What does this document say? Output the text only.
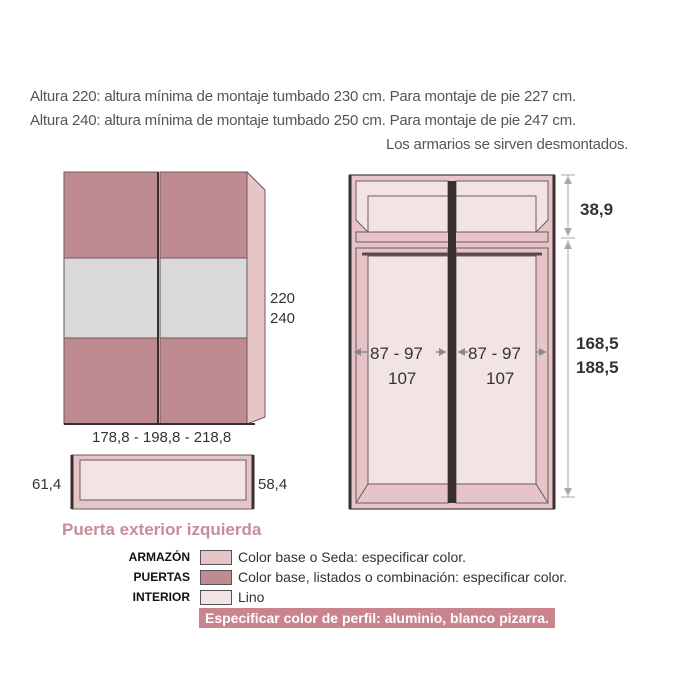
Altura 220: altura mínima de montaje tumbado 230 cm. Para montaje de pie 227 cm.
Altura 240: altura mínima de montaje tumbado 250 cm. Para montaje de pie 247 cm.
Los armarios se sirven desmontados.
220
240
178,8 - 198,8 - 218,8
61,4	58,4
Puerta exterior izquierda
38,9
168,5
188,5
87 - 97
107
87 - 97
107
ARMAZÓN	Color base o Seda: especificar color.
PUERTAS	Color base, listados o combinación: especificar color.
INTERIOR	Lino
Especificar color de perfil: aluminio, blanco pizarra.
